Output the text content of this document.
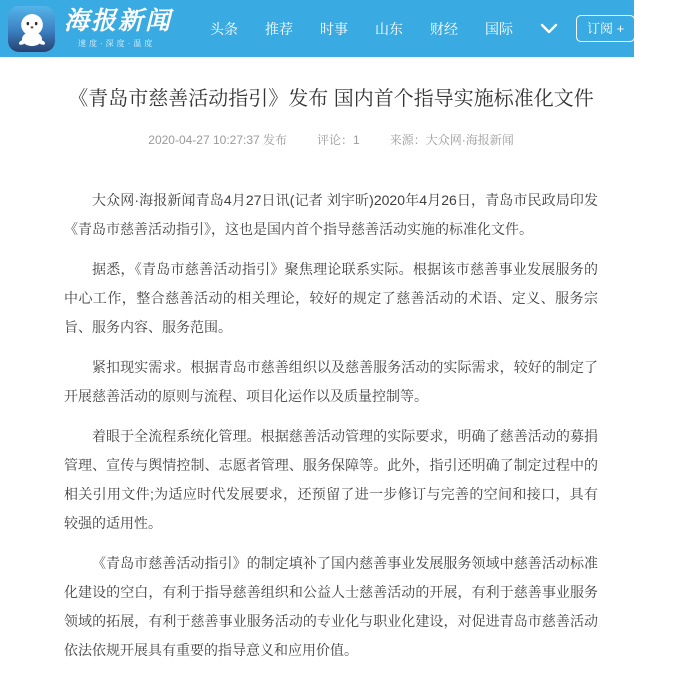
海报新闻
速度·深度·温度
头条 推荐 时事 山东 财经 国际	订阅 +	青岛
《青岛市慈善活动指引》发布 国内首个指导实施标准化文件
2020-04-27 10:27:37 发布	评论：1	来源：大众网·海报新闻

大众网·海报新闻青岛4月27日讯(记者 刘宇昕)2020年4月26日，青岛市民政局印发《青岛市慈善活动指引》，这也是国内首个指导慈善活动实施的标准化文件。

据悉，《青岛市慈善活动指引》聚焦理论联系实际。根据该市慈善事业发展服务的中心工作，整合慈善活动的相关理论，较好的规定了慈善活动的术语、定义、服务宗旨、服务内容、服务范围。

紧扣现实需求。根据青岛市慈善组织以及慈善服务活动的实际需求，较好的制定了开展慈善活动的原则与流程、项目化运作以及质量控制等。

着眼于全流程系统化管理。根据慈善活动管理的实际要求，明确了慈善活动的募捐管理、宣传与舆情控制、志愿者管理、服务保障等。此外，指引还明确了制定过程中的相关引用文件;为适应时代发展要求，还预留了进一步修订与完善的空间和接口，具有较强的适用性。

《青岛市慈善活动指引》的制定填补了国内慈善事业发展服务领域中慈善活动标准化建设的空白，有利于指导慈善组织和公益人士慈善活动的开展，有利于慈善事业服务领域的拓展，有利于慈善事业服务活动的专业化与职业化建设，对促进青岛市慈善活动依法依规开展具有重要的指导意义和应用价值。
